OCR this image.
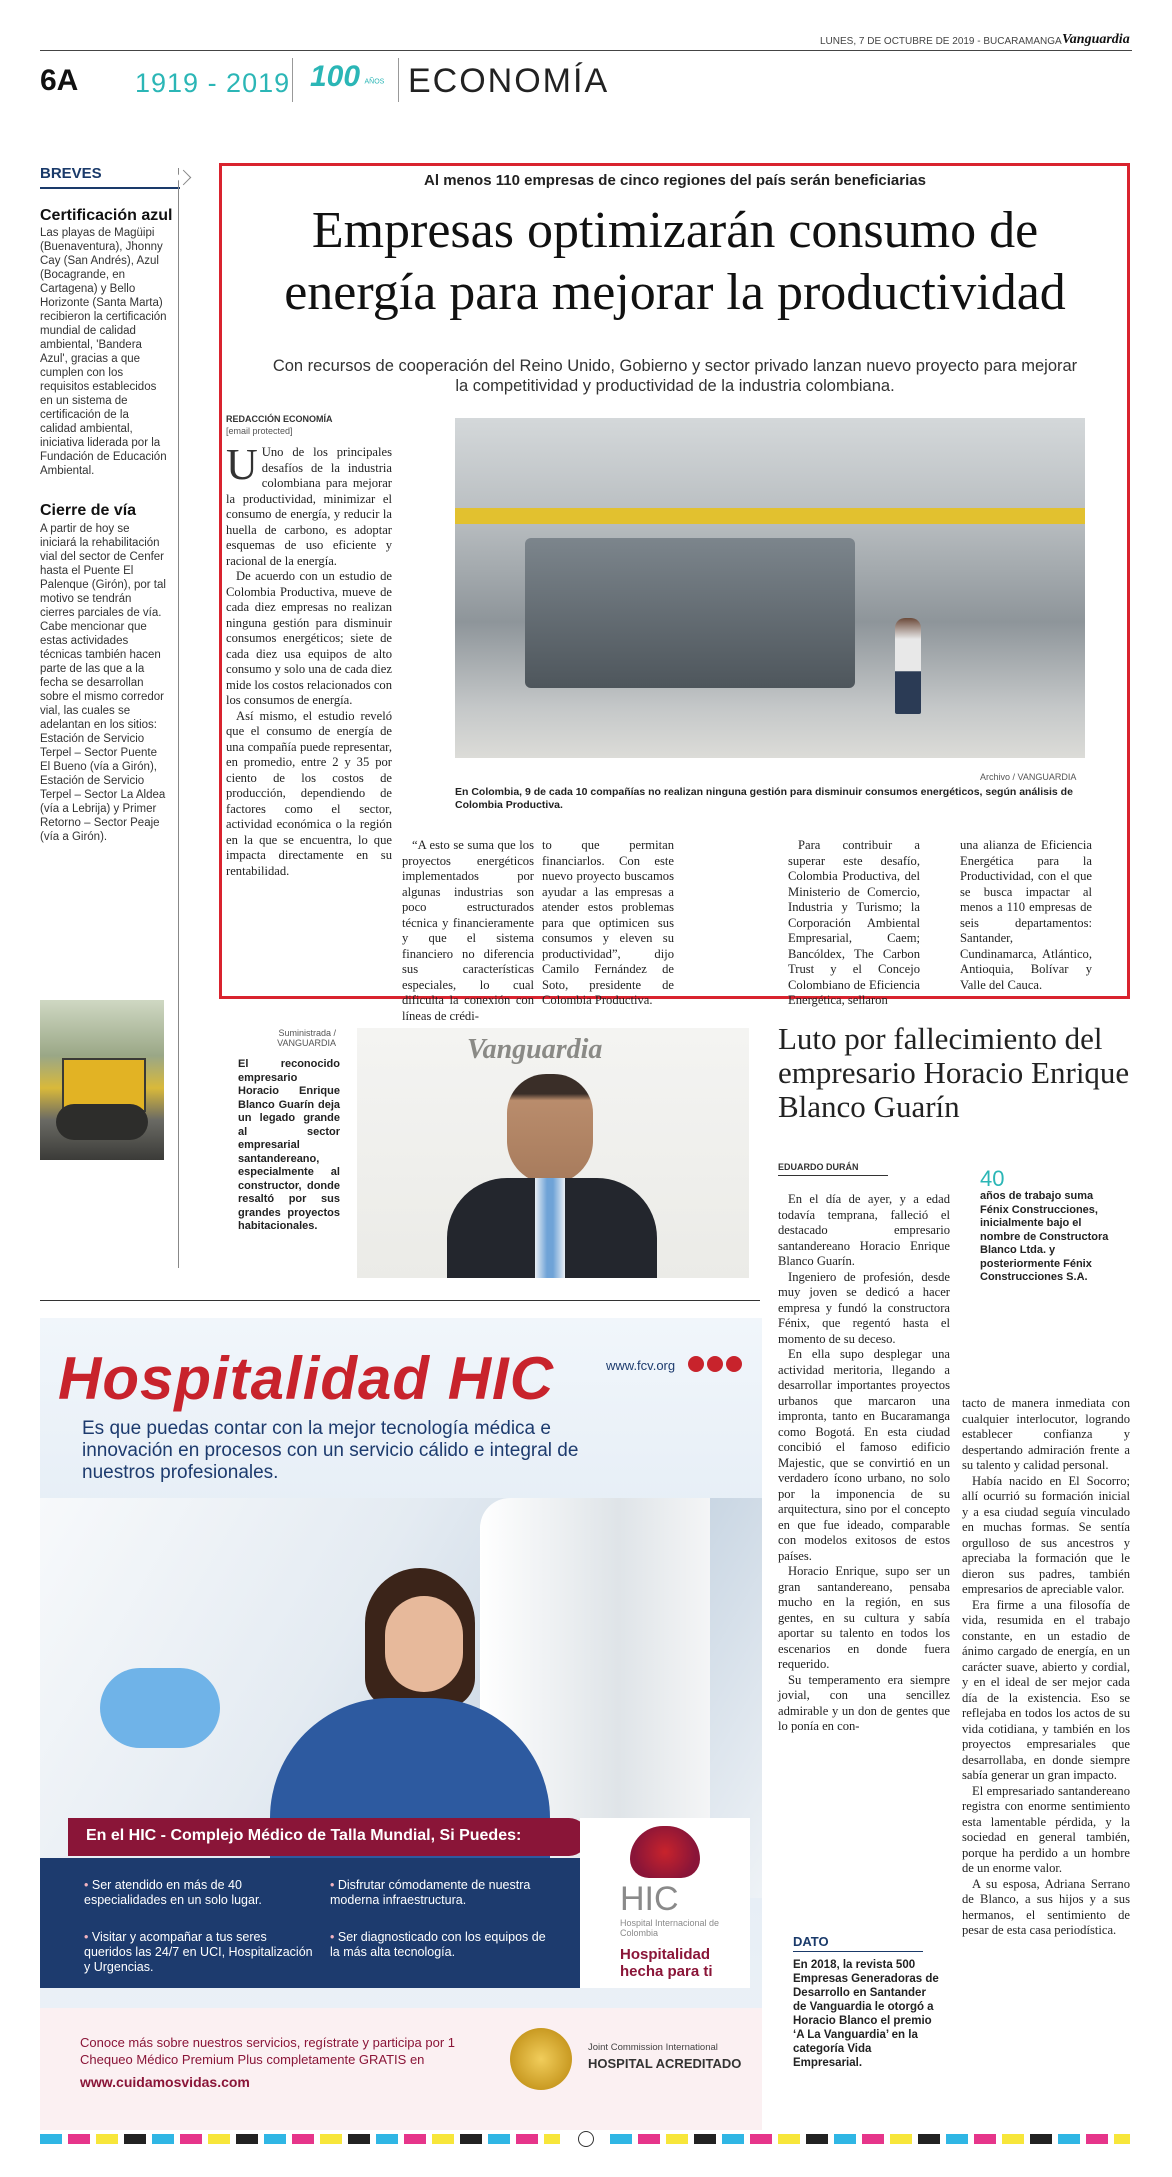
LUNES, 7 DE OCTUBRE DE 2019 - BUCARAMANGA Vanguardia
6A 1919 - 2019 100 AÑOS ECONOMÍA
BREVES
Certificación azul
Las playas de Magüipi (Buenaventura), Jhonny Cay (San Andrés), Azul (Bocagrande, en Cartagena) y Bello Horizonte (Santa Marta) recibieron la certificación mundial de calidad ambiental, 'Bandera Azul', gracias a que cumplen con los requisitos establecidos en un sistema de certificación de la calidad ambiental, iniciativa liderada por la Fundación de Educación Ambiental.
Cierre de vía
A partir de hoy se iniciará la rehabilitación vial del sector de Cenfer hasta el Puente El Palenque (Girón), por tal motivo se tendrán cierres parciales de vía. Cabe mencionar que estas actividades técnicas también hacen parte de las que a la fecha se desarrollan sobre el mismo corredor vial, las cuales se adelantan en los sitios: Estación de Servicio Terpel – Sector Puente El Bueno (vía a Girón), Estación de Servicio Terpel – Sector La Aldea (vía a Lebrija) y Primer Retorno – Sector Peaje (vía a Girón).
Al menos 110 empresas de cinco regiones del país serán beneficiarias
Empresas optimizarán consumo de energía para mejorar la productividad
Con recursos de cooperación del Reino Unido, Gobierno y sector privado lanzan nuevo proyecto para mejorar la competitividad y productividad de la industria colombiana.
REDACCIÓN ECONOMÍA
[email protected]

U Uno de los principales desafíos de la industria colombiana para mejorar la productividad, minimizar el consumo de energía, y reducir la huella de carbono, es adoptar esquemas de uso eficiente y racional de la energía.

De acuerdo con un estudio de Colombia Productiva, mueve de cada diez empresas no realizan ninguna gestión para disminuir consumos energéticos; siete de cada diez usa equipos de alto consumo y solo una de cada diez mide los costos relacionados con los consumos de energía.

Así mismo, el estudio reveló que el consumo de energía de una compañía puede representar, en promedio, entre 2 y 35 por ciento de los costos de producción, dependiendo de factores como el sector, actividad económica o la región en la que se encuentra, lo que impacta directamente en su rentabilidad.

Archivo / VANGUARDIA
En Colombia, 9 de cada 10 compañías no realizan ninguna gestión para disminuir consumos energéticos, según análisis de Colombia Productiva.
“A esto se suma que los proyectos energéticos implementados por algunas industrias son poco estructurados técnica y financieramente y que el sistema financiero no diferencia sus características especiales, lo cual dificulta la conexión con líneas de crédi-
to que permitan financiarlos. Con este nuevo proyecto buscamos ayudar a las empresas a atender estos problemas para que optimicen sus consumos y eleven su productividad”, dijo Camilo Fernández de Soto, presidente de Colombia Productiva.
Para contribuir a superar este desafío, Colombia Productiva, del Ministerio de Comercio, Industria y Turismo; la Corporación Ambiental Empresarial, Caem; Bancóldex, The Carbon Trust y el Concejo Colombiano de Eficiencia Energética, sellaron
una alianza de Eficiencia Energética para la Productividad, con el que se busca impactar al menos a 110 empresas de seis departamentos: Santander, Cundinamarca, Atlántico, Antioquia, Bolívar y Valle del Cauca.
Suministrada / VANGUARDIA
El reconocido empresario Horacio Enrique Blanco Guarín deja un legado grande al sector empresarial santandereano, especialmente al constructor, donde resaltó por sus grandes proyectos habitacionales.
Vanguardia	Luto por fallecimiento del empresario Horacio Enrique Blanco Guarín
EDUARDO DURÁN	40
años de trabajo suma Fénix Construcciones, inicialmente bajo el nombre de Constructora Blanco Ltda. y posteriormente Fénix Construcciones S.A.

En el día de ayer, y a edad todavía temprana, falleció el destacado empresario santandereano Horacio Enrique Blanco Guarín.

Ingeniero de profesión, desde muy joven se dedicó a hacer empresa y fundó la constructora Fénix, que regentó hasta el momento de su deceso.

En ella supo desplegar una actividad meritoria, llegando a desarrollar importantes proyectos urbanos que marcaron una impronta, tanto en Bucaramanga como Bogotá. En esta ciudad concibió el famoso edificio Majestic, que se convirtió en un verdadero ícono urbano, no solo por la imponencia de su arquitectura, sino por el concepto en que fue ideado, comparable con modelos exitosos de estos países.

Horacio Enrique, supo ser un gran santandereano, pensaba mucho en la región, en sus gentes, en su cultura y sabía aportar su talento en todos los escenarios en donde fuera requerido.

Su temperamento era siempre jovial, con una sencillez admirable y un don de gentes que lo ponía en con-

tacto de manera inmediata con cualquier interlocutor, logrando establecer confianza y despertando admiración frente a su talento y calidad personal.

Había nacido en El Socorro; allí ocurrió su formación inicial y a esa ciudad seguía vinculado en muchas formas. Se sentía orgulloso de sus ancestros y apreciaba la formación que le dieron sus padres, también empresarios de apreciable valor.

Era firme a una filosofía de vida, resumida en el trabajo constante, en un estadio de ánimo cargado de energía, en un carácter suave, abierto y cordial, y en el ideal de ser mejor cada día de la existencia. Eso se reflejaba en todos los actos de su vida cotidiana, y también en los proyectos empresariales que desarrollaba, en donde siempre sabía generar un gran impacto.

El empresariado santandereano registra con enorme sentimiento esta lamentable pérdida, y la sociedad en general también, porque ha perdido a un hombre de un enorme valor.

A su esposa, Adriana Serrano de Blanco, a sus hijos y a sus hermanos, el sentimiento de pesar de esta casa periodística.

DATO
En 2018, la revista 500 Empresas Generadoras de Desarrollo en Santander de Vanguardia le otorgó a Horacio Blanco el premio ‘A La Vanguardia’ en la categoría Vida Empresarial.
Hospitalidad HIC	www.fcv.org
Es que puedas contar con la mejor tecnología médica e innovación en procesos con un servicio cálido e integral de nuestros profesionales.
En el HIC - Complejo Médico de Talla Mundial, Si Puedes:
• Ser atendido en más de 40 especialidades en un solo lugar.
• Disfrutar cómodamente de nuestra moderna infraestructura.
• Visitar y acompañar a tus seres queridos las 24/7 en UCI, Hospitalización y Urgencias.
• Ser diagnosticado con los equipos de la más alta tecnología.
HIC
Hospital Internacional de Colombia
Hospitalidad hecha para ti
Conoce más sobre nuestros servicios, regístrate y participa por 1 Chequeo Médico Premium Plus completamente GRATIS en
www.cuidamosvidas.com
Joint Commission International
HOSPITAL ACREDITADO
